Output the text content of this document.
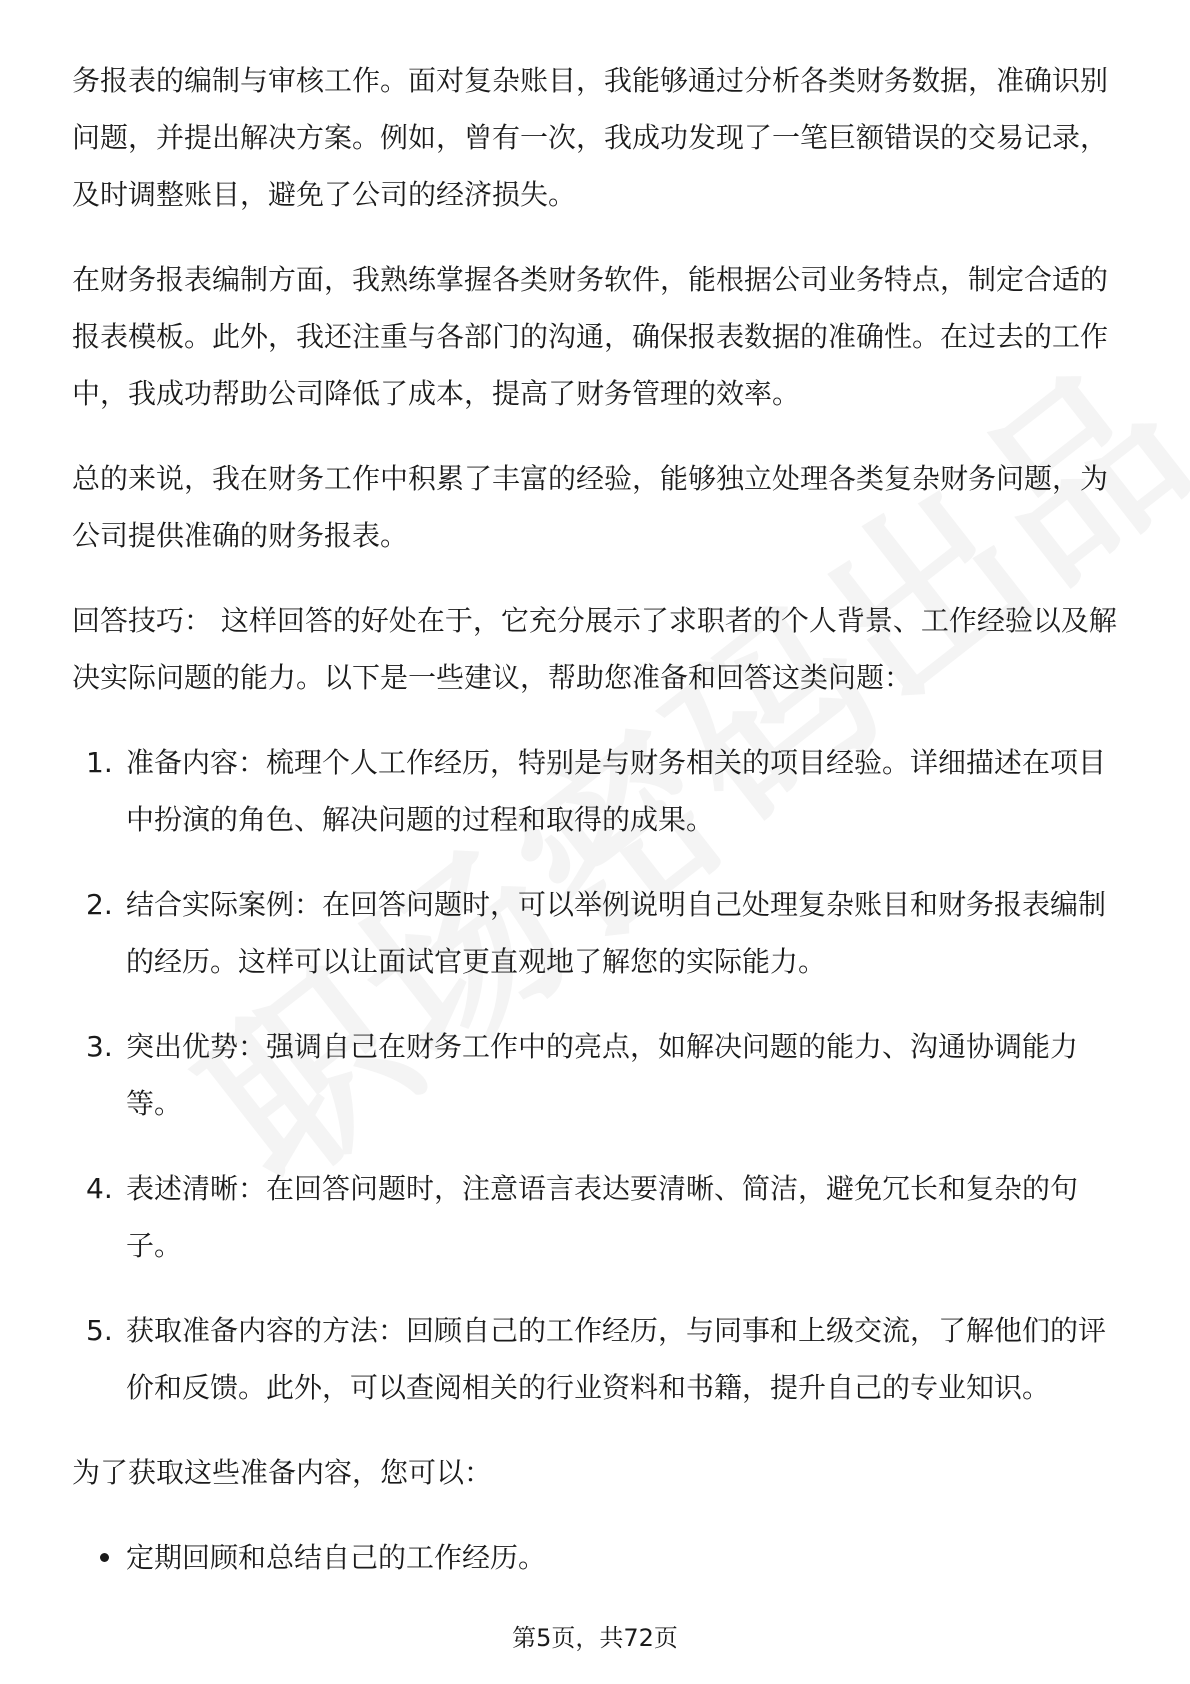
务报表的编制与审核工作。面对复杂账目，我能够通过分析各类财务数据，准确识别问题，并提出解决方案。例如，曾有一次，我成功发现了一笔巨额错误的交易记录，及时调整账目，避免了公司的经济损失。

在财务报表编制方面，我熟练掌握各类财务软件，能根据公司业务特点，制定合适的报表模板。此外，我还注重与各部门的沟通，确保报表数据的准确性。在过去的工作中，我成功帮助公司降低了成本，提高了财务管理的效率。

总的来说，我在财务工作中积累了丰富的经验，能够独立处理各类复杂财务问题，为公司提供准确的财务报表。

回答技巧： 这样回答的好处在于，它充分展示了求职者的个人背景、工作经验以及解决实际问题的能力。以下是一些建议，帮助您准备和回答这类问题：

1. 准备内容：梳理个人工作经历，特别是与财务相关的项目经验。详细描述在项目中扮演的角色、解决问题的过程和取得的成果。
2. 结合实际案例：在回答问题时，可以举例说明自己处理复杂账目和财务报表编制的经历。这样可以让面试官更直观地了解您的实际能力。
3. 突出优势：强调自己在财务工作中的亮点，如解决问题的能力、沟通协调能力等。
4. 表述清晰：在回答问题时，注意语言表达要清晰、简洁，避免冗长和复杂的句子。
5. 获取准备内容的方法：回顾自己的工作经历，与同事和上级交流，了解他们的评价和反馈。此外，可以查阅相关的行业资料和书籍，提升自己的专业知识。

为了获取这些准备内容，您可以：

定期回顾和总结自己的工作经历。
第5页，共72页
